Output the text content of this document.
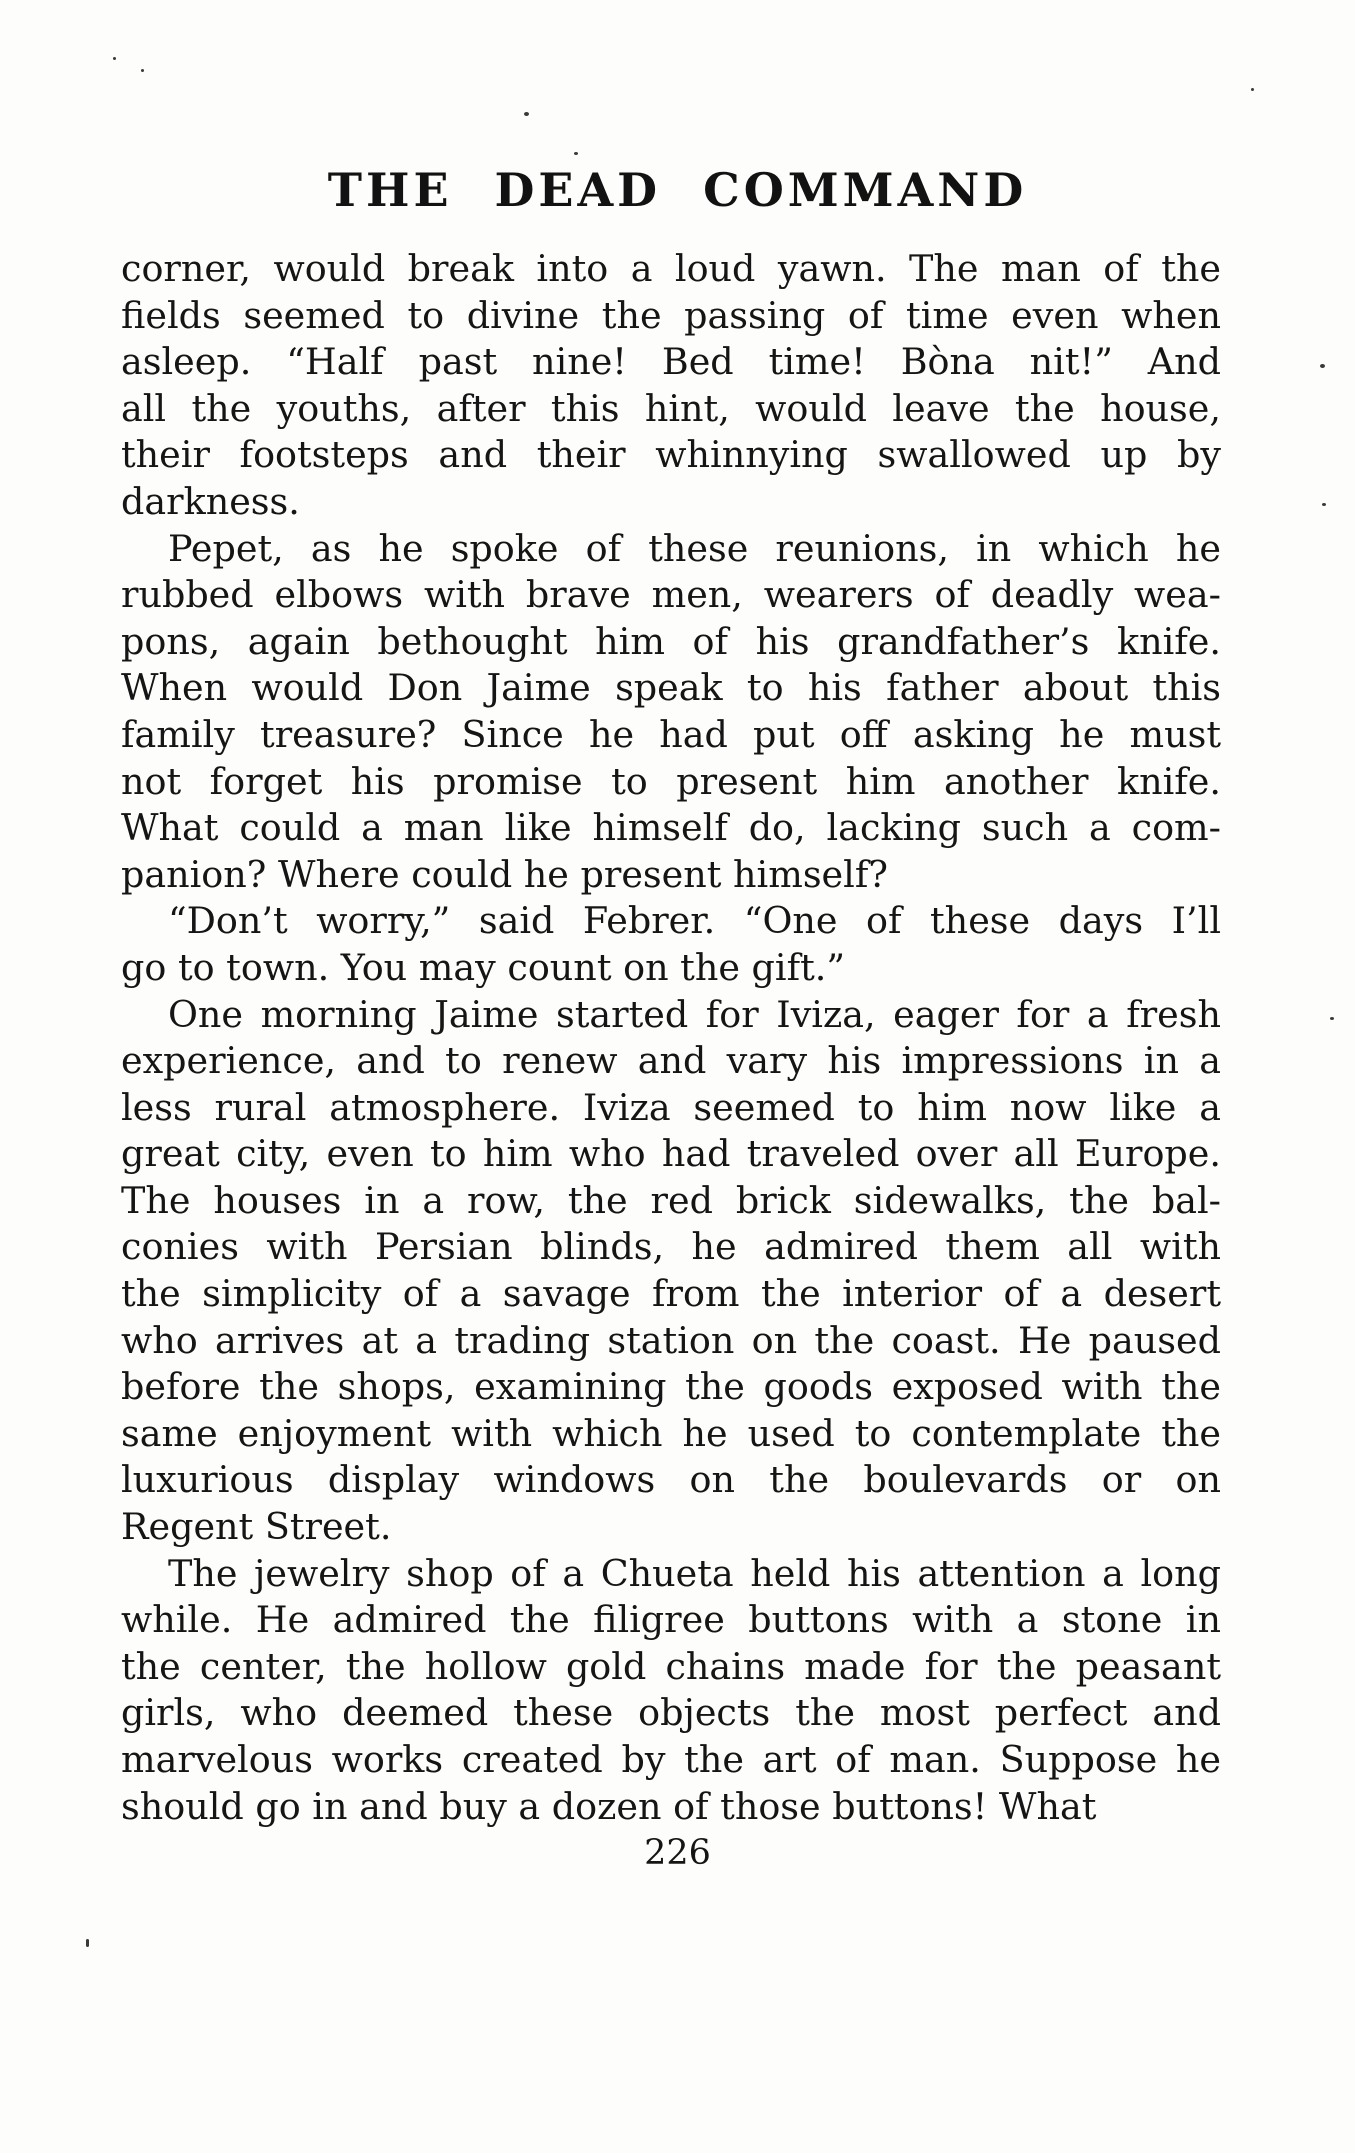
THE DEAD COMMAND
corner, would break into a loud yawn. The man of the
fields seemed to divine the passing of time even when
asleep. “Half past nine! Bed time! Bòna nit!” And
all the youths, after this hint, would leave the house,
their footsteps and their whinnying swallowed up by
darkness.
Pepet, as he spoke of these reunions, in which he
rubbed elbows with brave men, wearers of deadly wea-
pons, again bethought him of his grandfather’s knife.
When would Don Jaime speak to his father about this
family treasure? Since he had put off asking he must
not forget his promise to present him another knife.
What could a man like himself do, lacking such a com-
panion? Where could he present himself?
“Don’t worry,” said Febrer. “One of these days I’ll
go to town. You may count on the gift.”
One morning Jaime started for Iviza, eager for a fresh
experience, and to renew and vary his impressions in a
less rural atmosphere. Iviza seemed to him now like a
great city, even to him who had traveled over all Europe.
The houses in a row, the red brick sidewalks, the bal-
conies with Persian blinds, he admired them all with
the simplicity of a savage from the interior of a desert
who arrives at a trading station on the coast. He paused
before the shops, examining the goods exposed with the
same enjoyment with which he used to contemplate the
luxurious display windows on the boulevards or on
Regent Street.
The jewelry shop of a Chueta held his attention a long
while. He admired the filigree buttons with a stone in
the center, the hollow gold chains made for the peasant
girls, who deemed these objects the most perfect and
marvelous works created by the art of man. Suppose he
should go in and buy a dozen of those buttons! What
226
